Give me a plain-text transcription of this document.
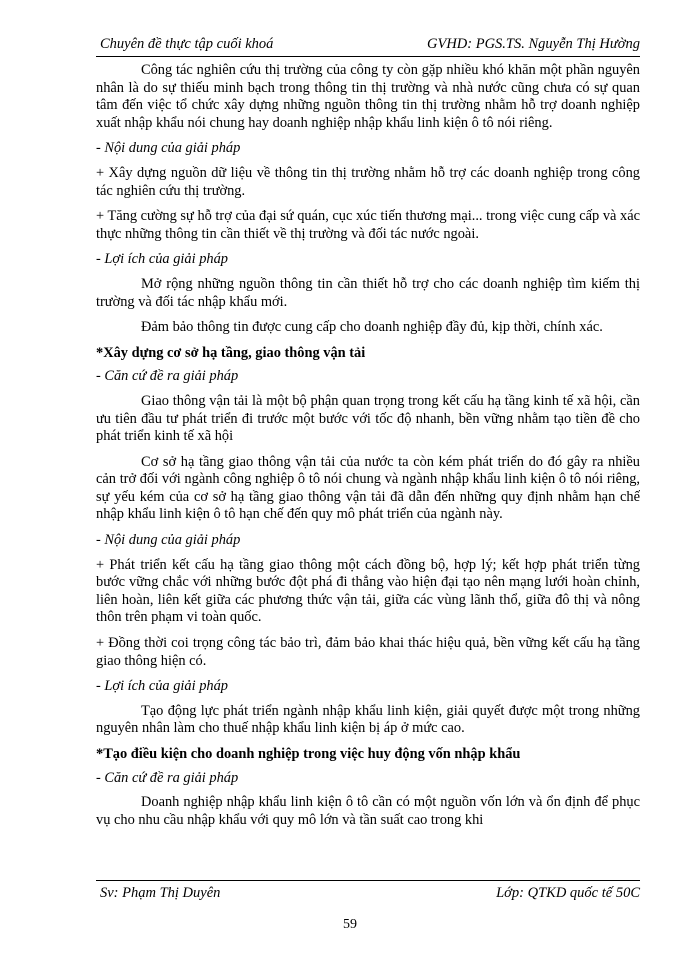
Chuyên đề thực tập cuối khoá	GVHD: PGS.TS. Nguyễn Thị Hường

Công tác nghiên cứu thị trường của công ty còn gặp nhiều khó khăn một phần nguyên nhân là do sự thiếu minh bạch trong thông tin thị trường và nhà nước cũng chưa có sự quan tâm đến việc tổ chức xây dựng những nguồn thông tin thị trường nhằm hỗ trợ doanh nghiệp xuất nhập khẩu nói chung hay doanh nghiệp nhập khẩu linh kiện ô tô nói riêng.

- Nội dung của giải pháp

+ Xây dựng nguồn dữ liệu về thông tin thị trường nhằm hỗ trợ các doanh nghiệp trong công tác nghiên cứu thị trường.

+ Tăng cường sự hỗ trợ của đại sứ quán, cục xúc tiến thương mại... trong việc cung cấp và xác thực những thông tin cần thiết về thị trường và đối tác nước ngoài.

- Lợi ích của giải pháp

Mở rộng những nguồn thông tin cần thiết hỗ trợ cho các doanh nghiệp tìm kiếm thị trường và đối tác nhập khẩu mới.

Đảm bảo thông tin được cung cấp cho doanh nghiệp đầy đủ, kịp thời, chính xác.

*Xây dựng cơ sở hạ tầng, giao thông vận tải

- Căn cứ đề ra giải pháp

Giao thông vận tải là một bộ phận quan trọng trong kết cấu hạ tầng kinh tế xã hội, cần ưu tiên đầu tư phát triển đi trước một bước với tốc độ nhanh, bền vững nhằm tạo tiền đề cho phát triển kinh tế xã hội

Cơ sở hạ tầng giao thông vận tải của nước ta còn kém phát triển do đó gây ra nhiều cản trở đối với ngành công nghiệp ô tô nói chung và ngành nhập khẩu linh kiện ô tô nói riêng, sự yếu kém của cơ sở hạ tầng giao thông vận tải đã dẫn đến những quy định nhằm hạn chế nhập khẩu linh kiện ô tô hạn chế đến quy mô phát triển của ngành này.

- Nội dung của giải pháp

+ Phát triển kết cấu hạ tầng giao thông một cách đồng bộ, hợp lý; kết hợp phát triển từng bước vững chắc với những bước đột phá đi thẳng vào hiện đại tạo nên mạng lưới hoàn chỉnh, liên hoàn, liên kết giữa các phương thức vận tải, giữa các vùng lãnh thổ, giữa đô thị và nông thôn trên phạm vi toàn quốc.

+ Đồng thời coi trọng công tác bảo trì, đảm bảo khai thác hiệu quả, bền vững kết cấu hạ tầng giao thông hiện có.

- Lợi ích của giải pháp

Tạo động lực phát triển ngành nhập khẩu linh kiện, giải quyết được một trong những nguyên nhân làm cho thuế nhập khẩu linh kiện bị áp ở mức cao.

*Tạo điều kiện cho doanh nghiệp trong việc huy động vốn nhập khẩu

- Căn cứ đề ra giải pháp

Doanh nghiệp nhập khẩu linh kiện ô tô cần có một nguồn vốn lớn và ổn định để phục vụ cho nhu cầu nhập khẩu với quy mô lớn và tần suất cao trong khi

Sv: Phạm Thị Duyên	Lớp: QTKD quốc tế 50C
59
